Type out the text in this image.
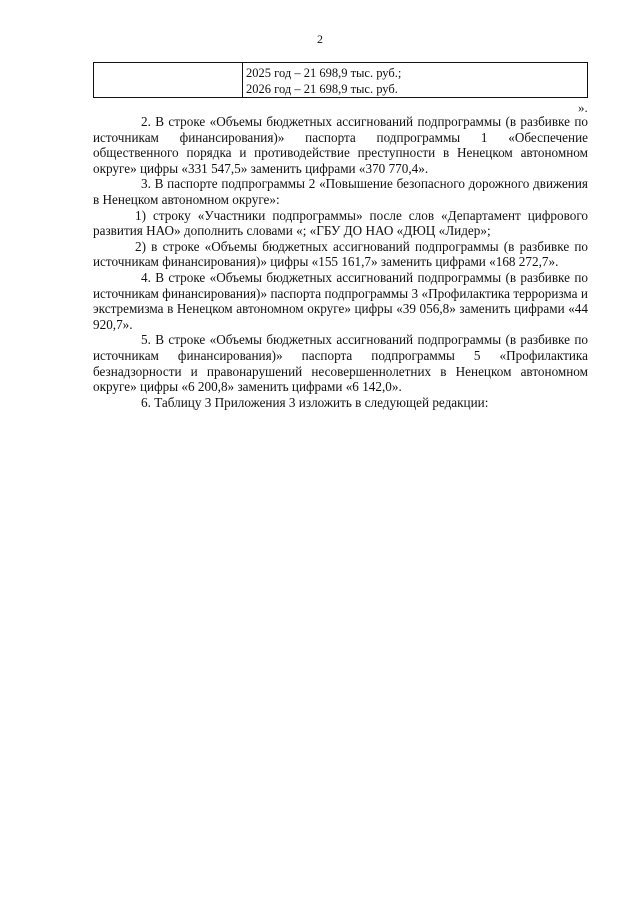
2

2025 год – 21 698,9 тыс. руб.;
2026 год – 21 698,9 тыс. руб.
».

2. В строке «Объемы бюджетных ассигнований подпрограммы (в разбивке по источникам финансирования)» паспорта подпрограммы 1 «Обеспечение общественного порядка и противодействие преступности в Ненецком автономном округе» цифры «331 547,5» заменить цифрами «370 770,4».

3. В паспорте подпрограммы 2 «Повышение безопасного дорожного движения в Ненецком автономном округе»:

1) строку «Участники подпрограммы» после слов «Департамент цифрового развития НАО» дополнить словами «; «ГБУ ДО НАО «ДЮЦ «Лидер»;

2) в строке «Объемы бюджетных ассигнований подпрограммы (в разбивке по источникам финансирования)» цифры «155 161,7» заменить цифрами «168 272,7».

4. В строке «Объемы бюджетных ассигнований подпрограммы (в разбивке по источникам финансирования)» паспорта подпрограммы 3 «Профилактика терроризма и экстремизма в Ненецком автономном округе» цифры «39 056,8» заменить цифрами «44 920,7».

5. В строке «Объемы бюджетных ассигнований подпрограммы (в разбивке по источникам финансирования)» паспорта подпрограммы 5 «Профилактика безнадзорности и правонарушений несовершеннолетних в Ненецком автономном округе» цифры «6 200,8» заменить цифрами «6 142,0».

6. Таблицу 3 Приложения 3 изложить в следующей редакции:
